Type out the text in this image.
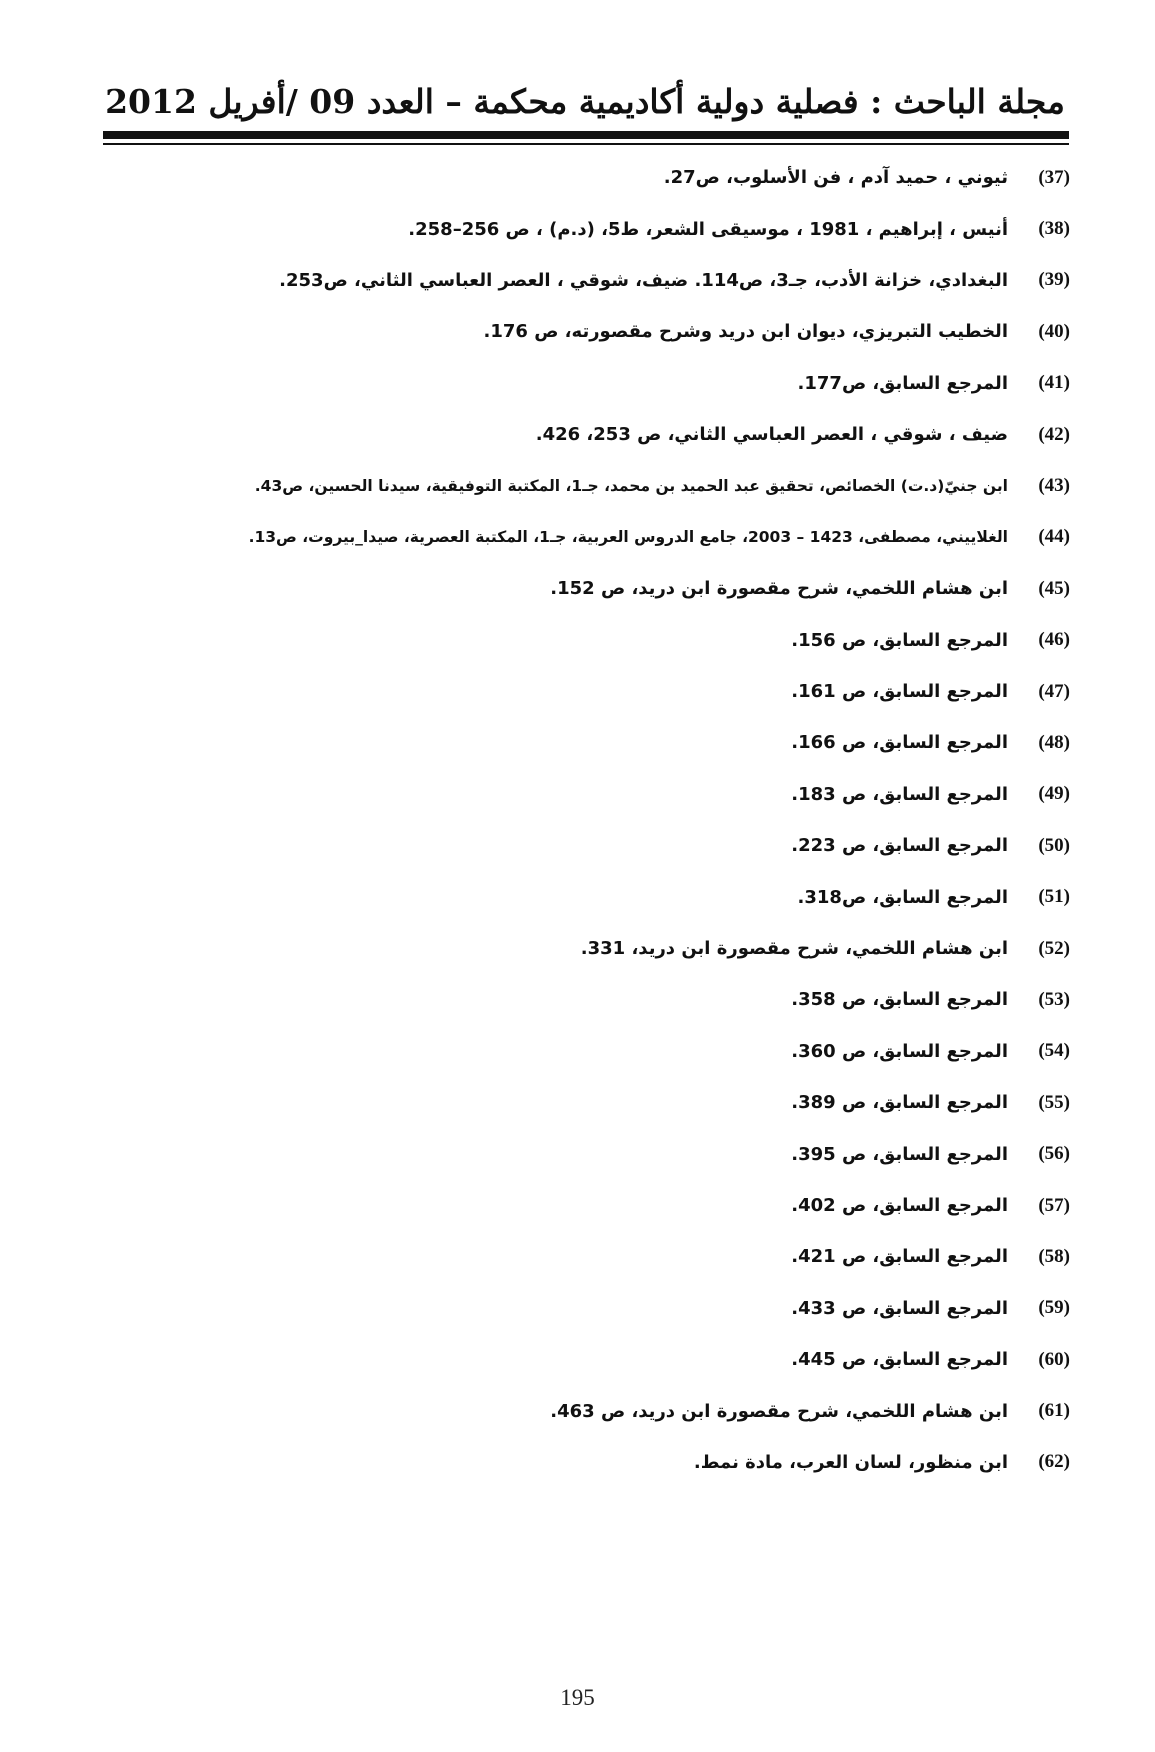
مجلة الباحث : فصلية دولية أكاديمية محكمة – العدد 09 /أفريل 2012
(37)
ثيوني ، حميد آدم ، فن الأسلوب، ص27.
(38)
أنيس ، إبراهيم ، 1981 ، موسيقى الشعر، ط5، (د.م) ، ص 256–258.
(39)
البغدادي، خزانة الأدب، جـ3، ص114. ضيف، شوقي ، العصر العباسي الثاني، ص253.
(40)
الخطيب التبريزي، ديوان ابن دريد وشرح مقصورته، ص 176.
(41)
المرجع السابق، ص177.
(42)
ضيف ، شوقي ، العصر العباسي الثاني، ص 253، 426.
(43)
ابن جنيّ(د.ت) الخصائص، تحقيق عبد الحميد بن محمد، جـ1، المكتبة التوفيقية، سيدنا الحسين، ص43.
(44)
الغلاييني، مصطفى، 1423 – 2003، جامع الدروس العربية، جـ1، المكتبة العصرية، صيدا_بيروت، ص13.
(45)
ابن هشام اللخمي، شرح مقصورة ابن دريد، ص 152.
(46)
المرجع السابق، ص 156.
(47)
المرجع السابق، ص 161.
(48)
المرجع السابق، ص 166.
(49)
المرجع السابق، ص 183.
(50)
المرجع السابق، ص 223.
(51)
المرجع السابق، ص318.
(52)
ابن هشام اللخمي، شرح مقصورة ابن دريد، 331.
(53)
المرجع السابق، ص 358.
(54)
المرجع السابق، ص 360.
(55)
المرجع السابق، ص 389.
(56)
المرجع السابق، ص 395.
(57)
المرجع السابق، ص 402.
(58)
المرجع السابق، ص 421.
(59)
المرجع السابق، ص 433.
(60)
المرجع السابق، ص 445.
(61)
ابن هشام اللخمي، شرح مقصورة ابن دريد، ص 463.
(62)
ابن منظور، لسان العرب، مادة نمط.
195
